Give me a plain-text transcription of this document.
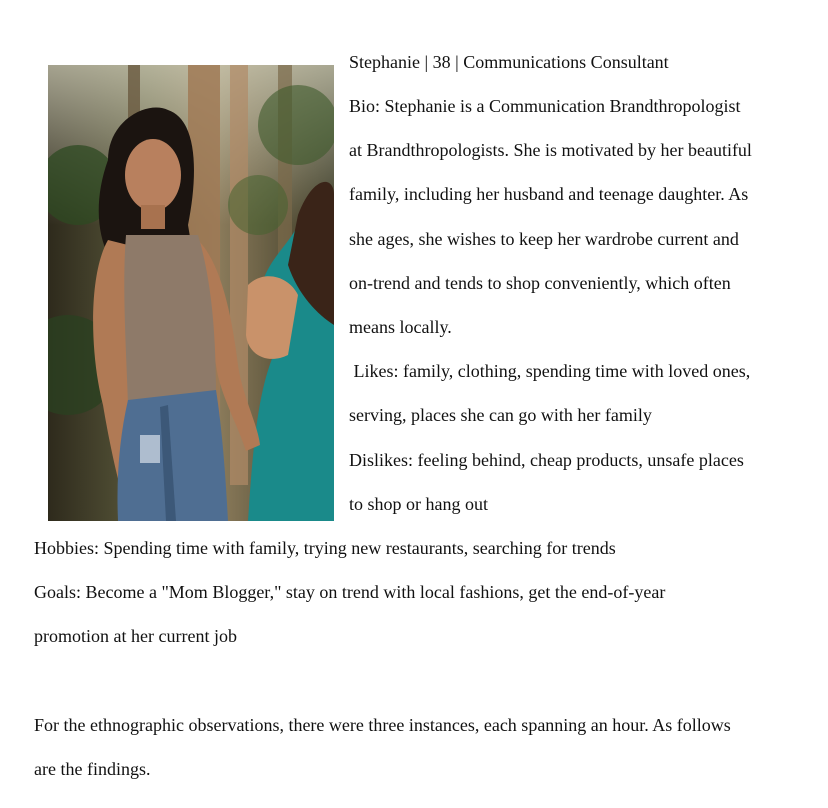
Stephanie | 38 | Communications Consultant
Bio: Stephanie is a Communication Brandthropologist
at Brandthropologists. She is motivated by her beautiful
family, including her husband and teenage daughter. As
she ages, she wishes to keep her wardrobe current and
on-trend and tends to shop conveniently, which often
means locally.
Likes: family, clothing, spending time with loved ones,
serving, places she can go with her family
Dislikes: feeling behind, cheap products, unsafe places
to shop or hang out
Hobbies: Spending time with family, trying new restaurants, searching for trends
Goals: Become a "Mom Blogger," stay on trend with local fashions, get the end-of-year
promotion at her current job
For the ethnographic observations, there were three instances, each spanning an hour. As follows
are the findings.
